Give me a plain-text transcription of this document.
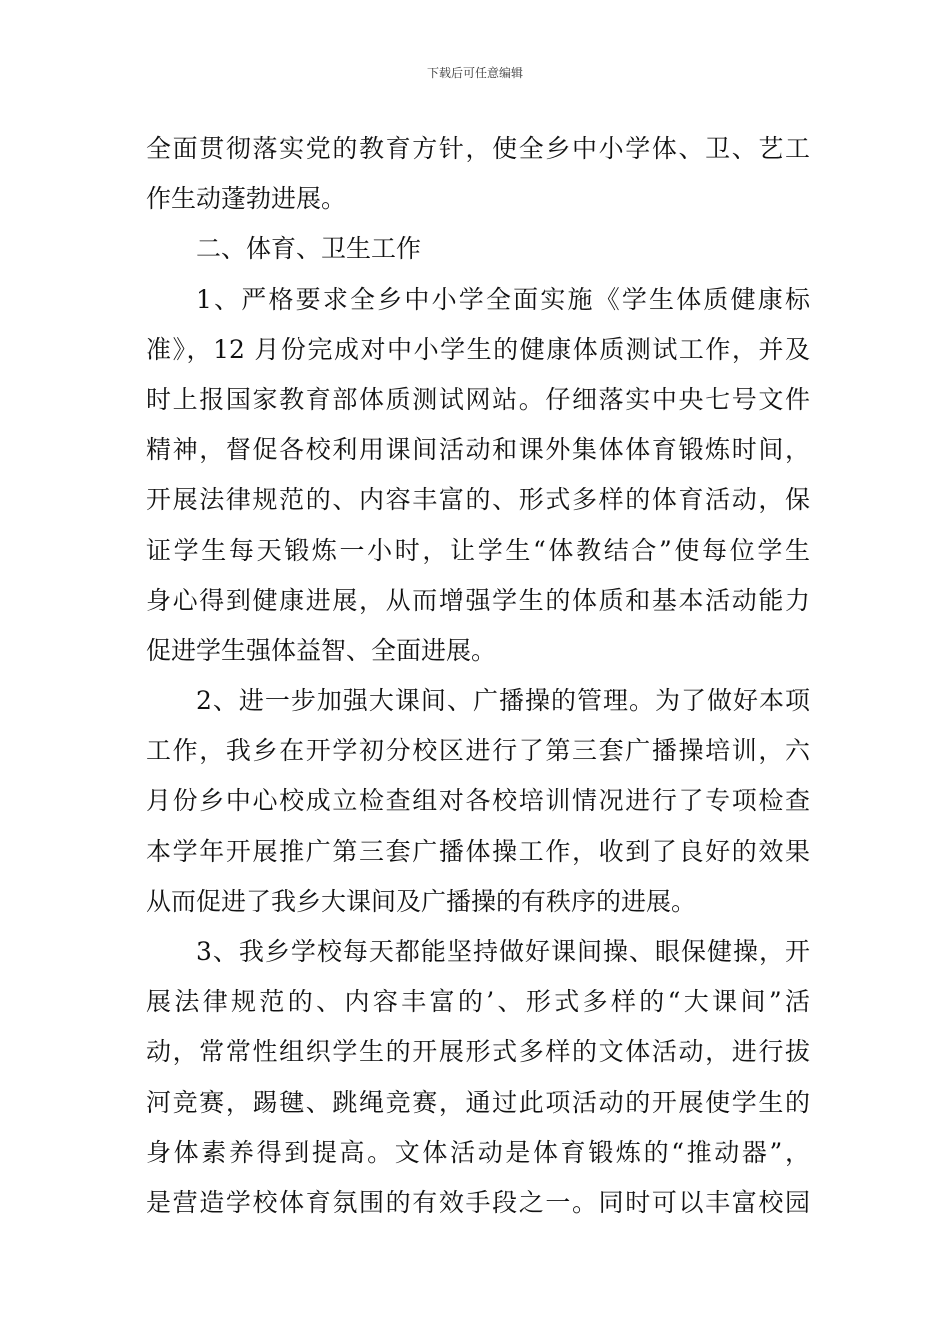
下载后可任意编辑
全面贯彻落实党的教育方针，使全乡中小学体、卫、艺工
作生动蓬勃进展。
二、体育、卫生工作
1、严格要求全乡中小学全面实施《学生体质健康标
准》，12 月份完成对中小学生的健康体质测试工作，并及
时上报国家教育部体质测试网站。仔细落实中央七号文件
精神，督促各校利用课间活动和课外集体体育锻炼时间，
开展法律规范的、内容丰富的、形式多样的体育活动，保
证学生每天锻炼一小时，让学生“体教结合”使每位学生
身心得到健康进展，从而增强学生的体质和基本活动能力
促进学生强体益智、全面进展。
2、进一步加强大课间、广播操的管理。为了做好本项
工作，我乡在开学初分校区进行了第三套广播操培训，六
月份乡中心校成立检查组对各校培训情况进行了专项检查
本学年开展推广第三套广播体操工作，收到了良好的效果
从而促进了我乡大课间及广播操的有秩序的进展。
3、我乡学校每天都能坚持做好课间操、眼保健操，开
展法律规范的、内容丰富的’、形式多样的“大课间”活
动，常常性组织学生的开展形式多样的文体活动，进行拔
河竞赛，踢毽、跳绳竞赛，通过此项活动的开展使学生的
身体素养得到提高。文体活动是体育锻炼的“推动器”，
是营造学校体育氛围的有效手段之一。同时可以丰富校园
